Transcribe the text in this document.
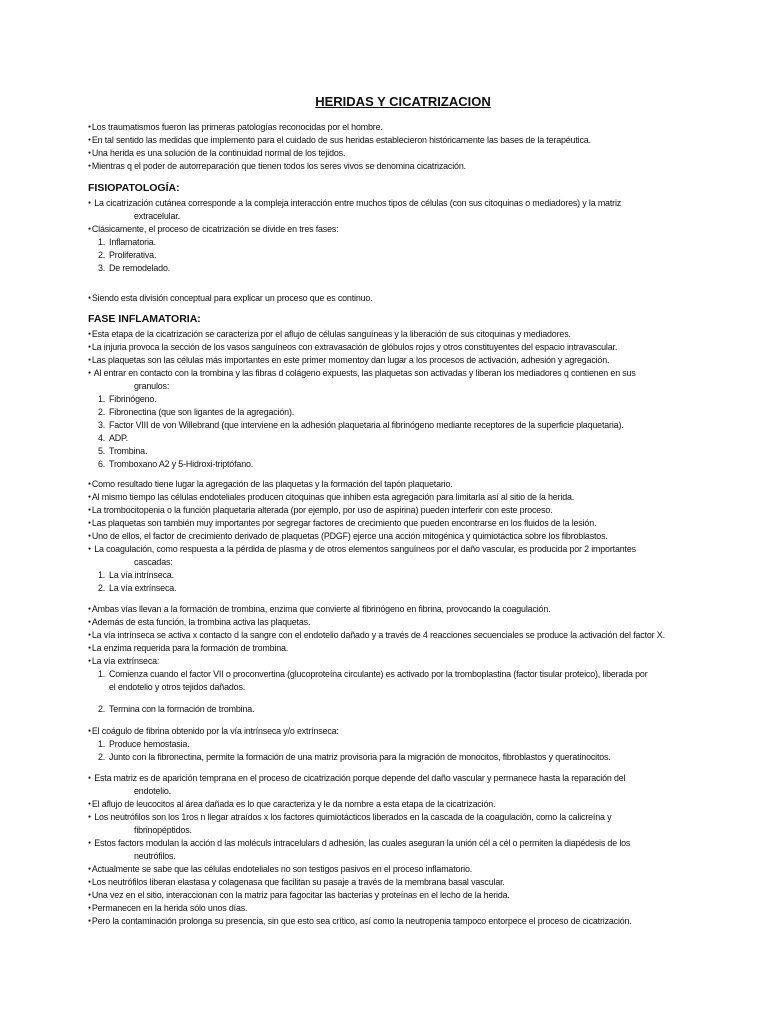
HERIDAS Y CICATRIZACION
● Los traumatismos fueron las primeras patologías reconocidas por el hombre.
● En tal sentido las medidas que implemento para el cuidado de sus heridas establecieron históricamente las bases de la terapéutica.
● Una herida es una solución de la continuidad normal de los tejidos.
● Mientras q el poder de autorreparación que tienen todos los seres vivos se denomina cicatrización.
FISIOPATOLOGÍA:
● La cicatrización cutánea corresponde a la compleja interacción entre muchos tipos de células (con sus citoquinas o mediadores) y la matriz
extracelular.
● Clásicamente, el proceso de cicatrización se divide en tres fases:
1. Inflamatoria.
2. Proliferativa.
3. De remodelado.
● Siendo esta división conceptual para explicar un proceso que es continuo.
FASE INFLAMATORIA:
● Esta etapa de la cicatrización se caracteriza por el aflujo de células sanguíneas y la liberación de sus citoquinas y mediadores.
● La injuria provoca la sección de los vasos sanguíneos con extravasación de glóbulos rojos y otros constituyentes del espacio intravascular.
● Las plaquetas son las células más importantes en este primer momentoy dan lugar a los procesos de activación, adhesión y agregación.
● Al entrar en contacto con la trombina y las fibras d colágeno expuests, las plaquetas son activadas y liberan los mediadores q contienen en sus
granulos:
1. Fibrinógeno.
2. Fibronectina (que son ligantes de la agregación).
3. Factor VIII de von Willebrand (que interviene en la adhesión plaquetaria al fibrinógeno mediante receptores de la superficie plaquetaria).
4. ADP.
5. Trombina.
6. Tromboxano A2 y 5-Hidroxi-triptófano.
● Como resultado tiene lugar la agregación de las plaquetas y la formación del tapón plaquetario.
● Al mismo tiempo las células endoteliales producen citoquinas que inhiben esta agregación para limitarla así al sitio de la herida.
● La trombocitopenia o la función plaquetaria alterada (por ejemplo, por uso de aspirina) pueden interferir con este proceso.
● Las plaquetas son también muy importantes por segregar factores de crecimiento que pueden encontrarse en los fluidos de la lesión.
● Uno de ellos, el factor de crecimiento derivado de plaquetas (PDGF) ejerce una acción mitogénica y quimiotáctica sobre los fibroblastos.
● La coagulación, como respuesta a la pérdida de plasma y de otros elementos sanguíneos por el daño vascular, es producida por 2 importantes
cascadas:
1. La vía intrínseca.
2. La vía extrínseca.
● Ambas vías llevan a la formación de trombina, enzima que convierte al fibrinógeno en fibrina, provocando la coagulación.
● Además de esta función, la trombina activa las plaquetas.
● La vía intrínseca se activa x contacto d la sangre con el endotelio dañado y a través de 4 reacciones secuenciales se produce la activación del factor X.
● La enzima requerida para la formación de trombina.
● La vía extrínseca:
1. Comienza cuando el factor VII o proconvertina (glucoproteína circulante) es activado por la tromboplastina (factor tisular proteico), liberada por
el endotelio y otros tejidos dañados.
2. Termina con la formación de trombina.
● El coágulo de fibrina obtenido por la vía intrínseca y/o extrínseca:
1. Produce hemostasia.
2. Junto con la fibronectina, permite la formación de una matriz provisoria para la migración de monocitos, fibroblastos y queratinocitos.
● Esta matriz es de aparición temprana en el proceso de cicatrización porque depende del daño vascular y permanece hasta la reparación del
endotelio.
● El aflujo de leucocitos al área dañada es lo que caracteriza y le da nombre a esta etapa de la cicatrización.
● Los neutrófilos son los 1ros n llegar atraídos x los factores quimiotácticos liberados en la cascada de la coagulación, como la calicreína y
fibrinopéptidos.
● Estos factors modulan la acción d las moléculs intracelulars d adhesión, las cuales aseguran la unión cél a cél o permiten la diapédesis de los
neutrófilos.
● Actualmente se sabe que las células endoteliales no son testigos pasivos en el proceso inflamatorio.
● Los neutrófilos liberan elastasa y colagenasa que facilitan su pasaje a través de la membrana basal vascular.
● Una vez en el sitio, interaccionan con la matriz para fagocitar las bacterias y proteínas en el lecho de la herida.
● Permanecen en la herida sólo unos días.
● Pero la contaminación prolonga su presencia, sin que esto sea crítico, así como la neutropenia tampoco entorpece el proceso de cicatrización.
